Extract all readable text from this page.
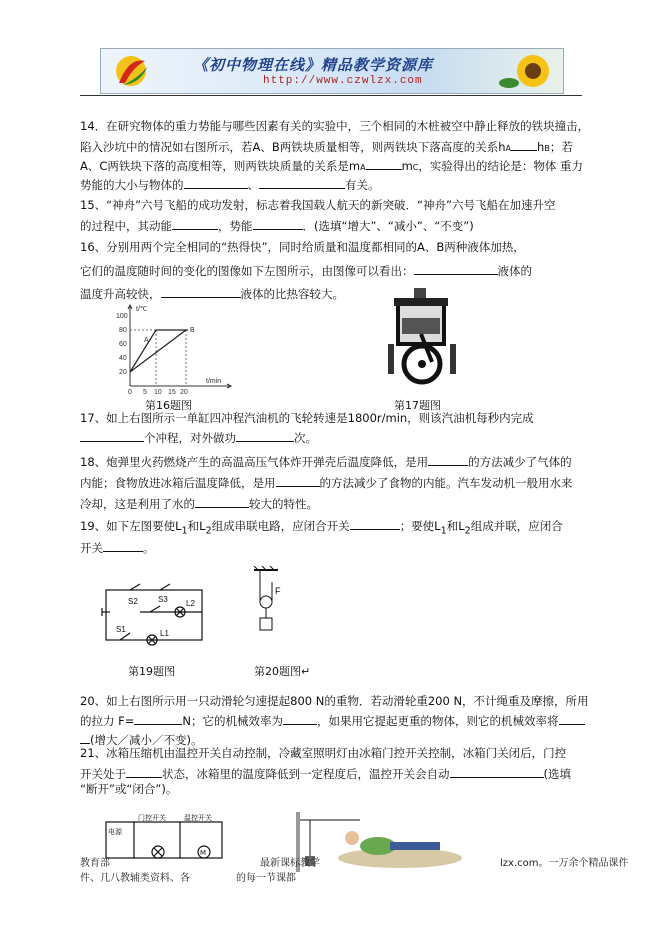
《初中物理在线》精品教学资源库
http://www.czwlzx.com
14．在研究物体的重力势能与哪些因素有关的实验中，三个相同的木桩被空中静止释放的铁块撞击，
陷入沙坑中的情况如右图所示，若A、B两铁块质量相等，则两铁块下落高度的关系hA hB；若
A、C两铁块下落的高度相等，则两铁块质量的关系是mA	mC，实验得出的结论是：物体 重力
势能的大小与物体的	、	有关。
15、“神舟”六号飞船的成功发射，标志着我国载人航天的新突破．“神舟”六号飞船在加速升空
的过程中，其动能	，势能	．(选填“增大”、“减小”、“不变”)
16、分别用两个完全相同的“热得快”，同时给质量和温度都相同的A、B两种液体加热，
它们的温度随时间的变化的图像如下左图所示，由图像可以看出：	液体的
温度升高较快，	液体的比热容较大。
t/℃
t/min
100
80
60
40
20
0 5 10 15 20
A
B
第16题图	第17题图
17、如上右图所示一单缸四冲程汽油机的飞轮转速是1800r/min，则该汽油机每秒内完成
个冲程，对外做功	次。
18、炮弹里火药燃烧产生的高温高压气体炸开弹壳后温度降低，是用	的方法减少了气体的
内能；食物放进冰箱后温度降低，是用	的方法减少了食物的内能。汽车发动机一般用水来
冷却，这是利用了水的	较大的特性。
19、如下左图要使$L_1$和$L_2$组成串联电路，应闭合开关	；要使$L_1$和$L_2$组成并联，应闭合
开关	。
S2	S3 L2
S1	L1
第19题图
F
第20题图↵
20、如上右图所示用一只动滑轮匀速提起800 N的重物．若动滑轮重200 N，不计绳重及摩擦，所用
的拉力 F=	N；它的机械效率为	，如果用它提起更重的物体，则它的机械效率将
(增大／减小／不变)。
21、冰箱压缩机由温控开关自动控制，冷藏室照明灯由冰箱门控开关控制，冰箱门关闭后，门控
开关处于	状态，冰箱里的温度降低到一定程度后，温控开关会自动	(选填
“断开”或“闭合”)。
电源
M
门控开关	温控开关
教育部	最新课标教学	lzx.com。一万余个精品课件
件、几八教辅类资料、各	的每一节课都
